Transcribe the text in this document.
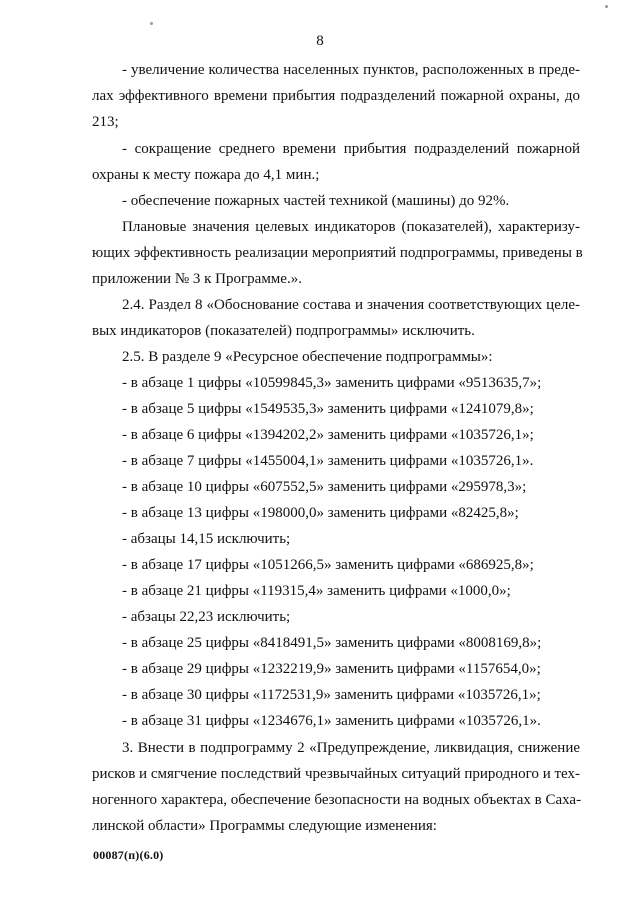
8
- увеличение количества населенных пунктов, расположенных в преде-
лах эффективного времени прибытия подразделений пожарной охраны, до
213;
- сокращение среднего времени прибытия подразделений пожарной
охраны к месту пожара до 4,1 мин.;
- обеспечение пожарных частей техникой (машины) до 92%.
Плановые значения целевых индикаторов (показателей), характеризу-
ющих эффективность реализации мероприятий подпрограммы, приведены в
приложении № 3 к Программе.».
2.4. Раздел 8 «Обоснование состава и значения соответствующих целе-
вых индикаторов (показателей) подпрограммы» исключить.
2.5. В разделе 9 «Ресурсное обеспечение подпрограммы»:
- в абзаце 1 цифры «10599845,3» заменить цифрами «9513635,7»;
- в абзаце 5 цифры «1549535,3» заменить цифрами «1241079,8»;
- в абзаце 6 цифры «1394202,2» заменить цифрами «1035726,1»;
- в абзаце 7 цифры «1455004,1» заменить цифрами «1035726,1».
- в абзаце 10 цифры «607552,5» заменить цифрами «295978,3»;
- в абзаце 13 цифры «198000,0» заменить цифрами «82425,8»;
- абзацы 14,15 исключить;
- в абзаце 17 цифры «1051266,5» заменить цифрами «686925,8»;
- в абзаце 21 цифры «119315,4» заменить цифрами «1000,0»;
- абзацы 22,23 исключить;
- в абзаце 25 цифры «8418491,5» заменить цифрами «8008169,8»;
- в абзаце 29 цифры «1232219,9» заменить цифрами «1157654,0»;
- в абзаце 30 цифры «1172531,9» заменить цифрами «1035726,1»;
- в абзаце 31 цифры «1234676,1» заменить цифрами «1035726,1».
3. Внести в подпрограмму 2 «Предупреждение, ликвидация, снижение
рисков и смягчение последствий чрезвычайных ситуаций природного и тех-
ногенного характера, обеспечение безопасности на водных объектах в Саха-
линской области» Программы следующие изменения:
00087(п)(6.0)
